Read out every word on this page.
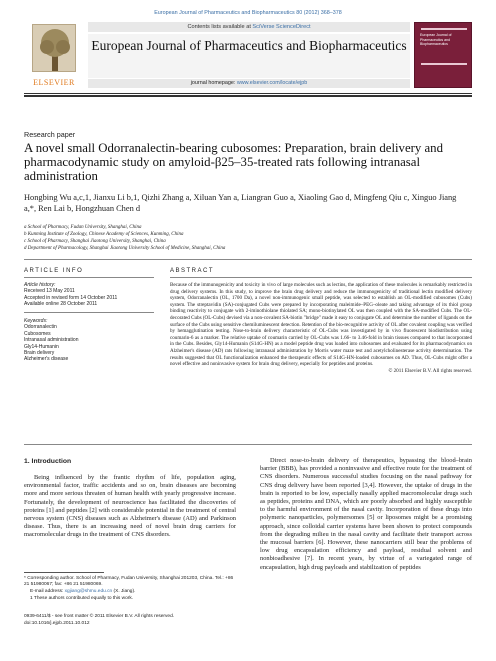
European Journal of Pharmaceutics and Biopharmaceutics 80 (2012) 368–378
ELSEVIER
Contents lists available at SciVerse ScienceDirect
European Journal of Pharmaceutics and Biopharmaceutics
journal homepage: www.elsevier.com/locate/ejpb
European Journal of Pharmaceutics and Biopharmaceutics
Research paper
A novel small Odorranalectin-bearing cubosomes: Preparation, brain delivery and pharmacodynamic study on amyloid-β25–35-treated rats following intranasal administration
Hongbing Wu a,c,1, Jianxu Li b,1, Qizhi Zhang a, Xiluan Yan a, Liangran Guo a, Xiaoling Gao d, Mingfeng Qiu c, Xinguo Jiang a,*, Ren Lai b, Hongzhuan Chen d
a School of Pharmacy, Fudan University, Shanghai, China
b Kunming Institute of Zoology, Chinese Academy of Sciences, Kunming, China
c School of Pharmacy, Shanghai Jiaotong University, Shanghai, China
d Department of Pharmacology, Shanghai Jiaotong University School of Medicine, Shanghai, China
ARTICLE INFO	ABSTRACT
Article history:
Received 13 May 2011
Accepted in revised form 14 October 2011
Available online 28 October 2011
Keywords:
Odorranalectin
Cubosomes
Intranasal administration
Gly14-Humanin
Brain delivery
Alzheimer's disease
Because of the immunogenicity and toxicity in vivo of large molecules such as lectins, the application of these molecules is remarkably restricted in drug delivery systems. In this study, to improve the brain drug delivery and reduce the immunogenicity of traditional lectin modified delivery system, Odorranalectin (OL, 1700 Da), a novel non-immunogenic small peptide, was selected to establish an OL-modified cubosomes (Cubs) system. The streptavidin (SA)-conjugated Cubs were prepared by incorporating maleimide–PEG–oleate and taking advantage of its thiol group binding reactivity to conjugate with 2-iminothiolane thiolated SA; mono-biotinylated OL was then coupled with the SA-modified Cubs. The OL-decorated Cubs (OL-Cubs) devised via a non-covalent SA-biotin "bridge" made it easy to conjugate OL and determine the number of ligands on the surface of the Cubs using sensitive chemiluminescent detection. Retention of the bio-recognitive activity of OL after covalent coupling was verified by hemagglutination testing. Nose-to-brain delivery characteristic of OL-Cubs was investigated by in vivo fluorescent biodistribution using coumarin-6 as a marker. The relative uptake of coumarin carried by OL-Cubs was 1.66- to 3.46-fold in brain tissues compared to that incorporated in the Cubs. Besides, Gly14-Humanin (S14G-HN) as a model peptide drug was loaded into cubosomes and evaluated for its pharmacodynamics on Alzheimer's disease (AD) rats following intranasal administration by Morris water maze test and acetylcholinesterase activity determination. The results suggested that OL functionalization enhanced the therapeutic effects of S14G-HN-loaded cubosomes on AD. Thus, OL-Cubs might offer a novel effective and noninvasive system for brain drug delivery, especially for peptides and proteins.
© 2011 Elsevier B.V. All rights reserved.
1. Introduction
Being influenced by the frantic rhythm of life, population aging, environmental factor, traffic accidents and so on, brain diseases are becoming more and more serious threaten of human health with yearly progressive increase. Fortunately, the development of neuroscience has facilitated the discoveries of proteins [1] and peptides [2] with considerable potential in the treatment of central nervous system (CNS) diseases such as Alzheimer's disease (AD) and Parkinson disease. Thus, there is an increasing need of novel brain drug carriers for macromolecular drugs in the treatment of CNS disorders.
Direct nose-to-brain delivery of therapeutics, bypassing the blood–brain barrier (BBB), has provided a noninvasive and effective route for the treatment of CNS disorders. Numerous successful studies focusing on the nasal pathway for CNS drug delivery have been reported [3,4]. However, the uptake of drugs in the brain is reported to be low, especially nasally applied macromolecular drugs such as peptides, proteins and DNA, which are poorly absorbed and highly susceptible to the harmful environment of the nasal cavity. Incorporation of these drugs into polymeric nanoparticles, polymersomes [5] or liposomes might be a promising approach, since colloidal carrier systems have been shown to protect compounds from the degrading milieu in the nasal cavity and facilitate their transport across the mucosal barriers [6]. However, these nanocarriers still bear the problems of low drug encapsulation efficiency and payload, residual solvent and nonbioadhesive [7]. In recent years, by virtue of a variegated range of encapsulation, high drug payloads and stabilization of peptides
* Corresponding author. School of Pharmacy, Fudan University, Shanghai 201203, China. Tel.: +86 21 51980067; fax: +86 21 51980069.
E-mail address: xgjiang@shmu.edu.cn (X. Jiang).
1 These authors contributed equally to this work.
0939-6411/$ - see front matter © 2011 Elsevier B.V. All rights reserved.
doi:10.1016/j.ejpb.2011.10.012
